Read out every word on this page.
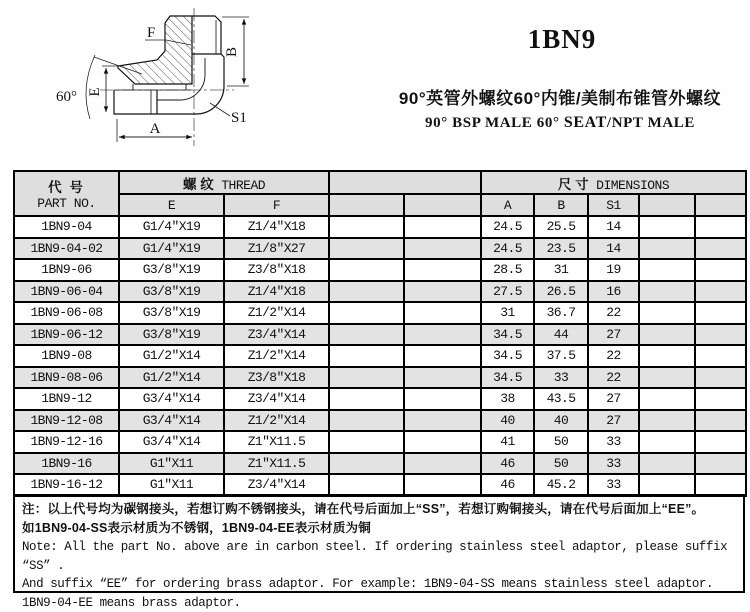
60° E
B
A
F
S1
1BN9
90°英管外螺纹60°内锥/美制布锥管外螺纹
90° BSP MALE 60° SEAT/NPT MALE
代 号
PART NO.	螺 纹 THREAD				尺 寸 DIMENSIONS				
	E	F			A	B	S1		
1BN9-04	G1/4″X19	Z1/4″X18			24.5	25.5	14		
1BN9-04-02	G1/4″X19	Z1/8″X27			24.5	23.5	14		
1BN9-06	G3/8″X19	Z3/8″X18			28.5	31	19		
1BN9-06-04	G3/8″X19	Z1/4″X18			27.5	26.5	16		
1BN9-06-08	G3/8″X19	Z1/2″X14			31	36.7	22		
1BN9-06-12	G3/8″X19	Z3/4″X14			34.5	44	27		
1BN9-08	G1/2″X14	Z1/2″X14			34.5	37.5	22		
1BN9-08-06	G1/2″X14	Z3/8″X18			34.5	33	22		
1BN9-12	G3/4″X14	Z3/4″X14			38	43.5	27		
1BN9-12-08	G3/4″X14	Z1/2″X14			40	40	27		
1BN9-12-16	G3/4″X14	Z1″X11.5			41	50	33		
1BN9-16	G1″X11	Z1″X11.5			46	50	33		
1BN9-16-12	G1″X11	Z3/4″X14			46	45.2	33		
注：以上代号均为碳钢接头，若想订购不锈钢接头，请在代号后面加上“SS”，若想订购铜接头，请在代号后面加上“EE”。
如1BN9-04-SS表示材质为不锈钢，1BN9-04-EE表示材质为铜
Note: All the part No. above are in carbon steel. If ordering stainless steel adaptor, please suffix “SS” .
And suffix “EE” for ordering brass adaptor. For example: 1BN9-04-SS means stainless steel adaptor.
1BN9-04-EE means brass adaptor.
